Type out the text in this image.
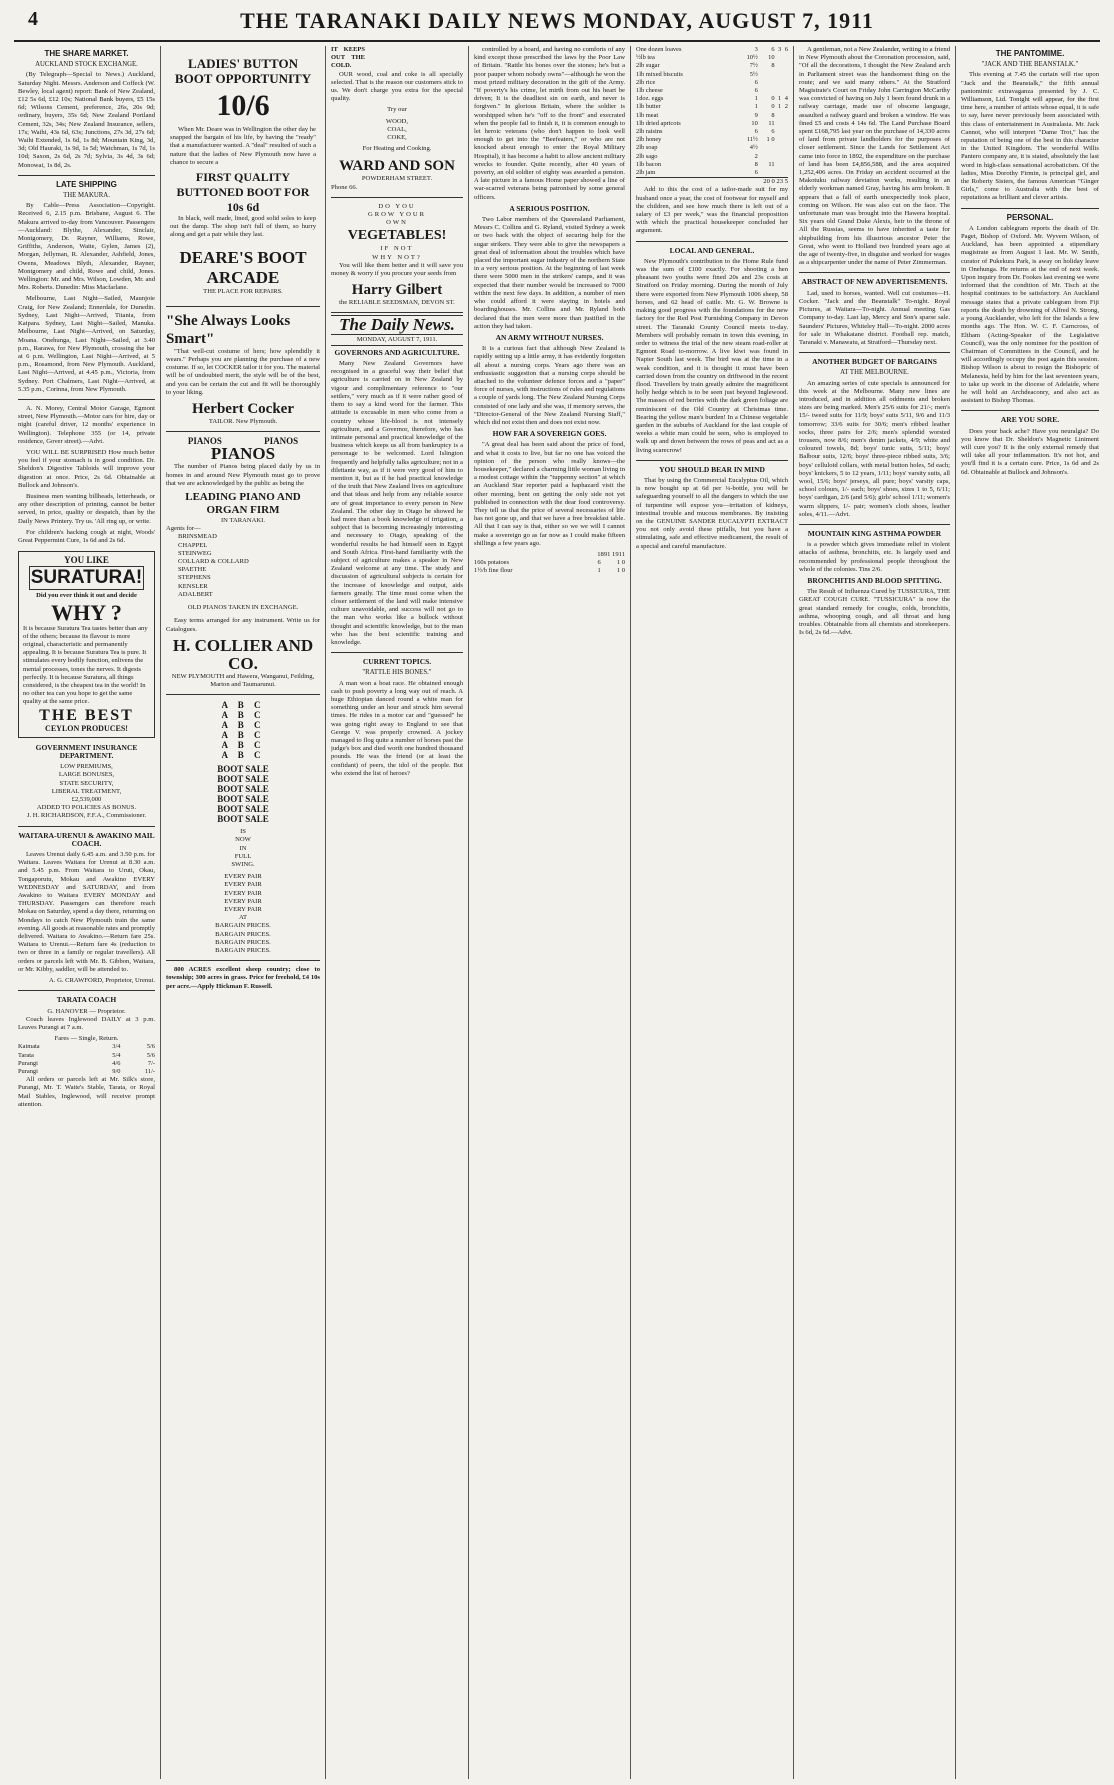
4	THE TARANAKI DAILY NEWS MONDAY, AUGUST 7, 1911
THE SHARE MARKET.
AUCKLAND STOCK EXCHANGE.

(By Telegraph—Special to News.) Auckland, Saturday Night. Messrs. Anderson and Coffeck (W. Bewley, local agent) report: Bank of New Zealand, £12 5s 6d, £12 10s; National Bank buyers, £5 15s 6d; Wilsons Cement, preference, 26s, 20s 9d; ordinary, buyers, 35s 6d; New Zealand Portland Cement, 32s, 34s; New Zealand Insurance, sellers, 17s; Waihi, 43s 6d, 63s; Junctions, 27s 3d, 27s 6d; Waihi Extended, 1s 6d, 1s 8d; Mountain King, 3d, 3d; Old Hauraki, 1s 9d, 1s 5d; Watchman, 1s 7d, 1s 10d; Saxon, 2s 6d, 2s 7d; Sylvia, 3s 4d, 3s 6d; Monowai, 1s 8d, 2s.

LATE SHIPPING
THE MAKURA.

By Cable—Press Association—Copyright. Received 6, 2.15 p.m. Brisbane, August 6. The Makura arrived to-day from Vancouver. Passengers—Auckland: Blythe, Alexander, Sinclair, Montgomery, Dr. Rayner, Williams, Rowe, Griffiths, Anderson, Waite, Gylen, James (2), Morgan, Jellyman, R. Alexander, Ashfield, Jones, Owens, Meadows Blyth, Alexander, Rayner, Montgomery and child, Rowe and child, Jones. Wellington: Mr. and Mrs. Wilson, Lowden, Mr. and Mrs. Roberts. Dunedin: Miss Macfarlane.

Melbourne, Last Night—Sailed, Maunjoie Craig, for New Zealand; Ennerdale, for Dunedin. Sydney, Last Night—Arrived, Titania, from Kaipara. Sydney, Last Night—Sailed, Manuka. Melbourne, Last Night—Arrived, on Saturday, Moana. Onehunga, Last Night—Sailed, at 3.40 p.m., Rarawa, for New Plymouth, crossing the bar at 6 p.m. Wellington, Last Night—Arrived, at 5 p.m., Rosamond, from New Plymouth. Auckland, Last Night—Arrived, at 4.45 p.m., Victoria, from Sydney. Port Chalmers, Last Night—Arrived, at 5.35 p.m., Corinna, from New Plymouth.

A. N. Morey, Central Motor Garage, Egmont street, New Plymouth.—Motor cars for hire, day or night (careful driver, 12 months' experience in Wellington). Telephone 355 (or 14, private residence, Gover street).—Advt.

YOU WILL BE SURPRISED How much better you feel if your stomach is in good condition. Dr. Sheldon's Digestive Tabloids will improve your digestion at once. Price, 2s 6d. Obtainable at Bullock and Johnson's.

Business men wanting billheads, letterheads, or any other description of printing, cannot be better served, in price, quality or despatch, than by the Daily News Printery. Try us. 'All ring up, or write.

For children's hacking cough at night, Woods' Great Peppermint Cure, 1s 6d and 2s 6d.

YOU LIKE
SURATURA!
Did you ever think it out and decide
WHY ?
It is because Suratura Tea tastes better than any of the others; because its flavour is more original, characteristic and permanently appealing. It is because Suratura Tea is pure. It stimulates every bodily function, enlivens the mental processes, tones the nerves. It digests perfectly. It is because Suratura, all things considered, is the cheapest tea in the world! In no other tea can you hope to get the same quality at the same price.
THE BEST
CEYLON PRODUCES!
GOVERNMENT INSURANCE DEPARTMENT.
LOW PREMIUMS,
LARGE BONUSES,
STATE SECURITY,
LIBERAL TREATMENT,
£2,539,000
ADDED TO POLICIES AS BONUS.
J. H. RICHARDSON, F.F.A., Commissioner.
WAITARA-URENUI & AWAKINO MAIL COACH.

Leaves Urenui daily 6.45 a.m. and 3.50 p.m. for Waitara. Leaves Waitara for Urenui at 8.30 a.m. and 5.45 p.m. From Waitara to Uruti, Okau, Tongaporutu, Mokau and Awakino EVERY WEDNESDAY and SATURDAY, and from Awakino to Waitara EVERY MONDAY and THURSDAY. Passengers can therefore reach Mokau on Saturday, spend a day there, returning on Mondays to catch New Plymouth train the same evening. All goods at reasonable rates and promptly delivered. Waitara to Awakino.—Return fare 25s. Waitara to Urenui.—Return fare 4s (reduction to two or three in a family or regular travellers). All orders or parcels left with Mr. B. Gibbon, Waitara, or Mr. Kibby, saddler, will be attended to.

A. G. CRAWFORD, Proprietor, Urenui.
TARATA COACH
G. HANOVER — Proprietor.

Coach leaves Inglewood DAILY at 3 p.m. Leaves Purangi at 7 a.m.

Fares — Single, Return.
Kaimata	3/4	5/6
Tarata	5/4	5/6
Purangi	4/6	7/-
Purangi	9/0	11/-

All orders or parcels left at Mr. Silk's store, Purangi, Mr. T. Waite's Stable, Tarata, or Royal Mail Stables, Inglewood, will receive prompt attention.

LADIES' BUTTON BOOT OPPORTUNITY
10/6

When Mr. Deare was in Wellington the other day he snapped the bargain of his life, by having the "ready" that a manufacturer wanted. A "deal" resulted of such a nature that the ladies of New Plymouth now have a chance to secure a

FIRST QUALITY BUTTONED BOOT FOR 10s 6d

In black, well made, lined, good solid soles to keep out the damp. The shop isn't full of them, so hurry along and get a pair while they last.

DEARE'S BOOT ARCADE
THE PLACE FOR REPAIRS.
"She Always Looks Smart"

"That well-cut costume of hers; how splendidly it wears." Perhaps you are planning the purchase of a new costume. If so, let COCKER tailor it for you. The material will be of undoubted merit, the style will be of the best, and you can be certain the cut and fit will be thoroughly to your liking.

Herbert Cocker
TAILOR. New Plymouth.
PIANOS PIANOS
PIANOS

The number of Pianos being placed daily by us in homes in and around New Plymouth must go to prove that we are acknowledged by the public as being the

LEADING PIANO AND ORGAN FIRM
IN TARANAKI.
Agents for—
BRINSMEAD
CHAPPEL
STEINWEG
COLLARD & COLLARD
SPAETHE
STEPHENS
KENSLER
ADALBERT
OLD PIANOS TAKEN IN EXCHANGE.

Easy terms arranged for any instrument. Write us for Catalogues.

H. COLLIER AND CO.
NEW PLYMOUTH and Hawera, Wanganui, Feilding, Marton and Taumarunui.
A B C
A B C
A B C
A B C
A B C
A B C
BOOT SALE
BOOT SALE
BOOT SALE
BOOT SALE
BOOT SALE
BOOT SALE
IS
NOW
IN
FULL
SWING.
EVERY PAIR
EVERY PAIR
EVERY PAIR
EVERY PAIR
EVERY PAIR
AT
BARGAIN PRICES.
BARGAIN PRICES.
BARGAIN PRICES.
BARGAIN PRICES.

800 ACRES excellent sheep country; close to township; 300 acres in grass. Price for freehold, £4 10s per acre.—Apply Hickman F. Russell.

IT KEEPS OUT THE COLD.

OUR wood, coal and coke is all specially selected. That is the reason our customers stick to us. We don't charge you extra for the special quality.

Try our
WOOD,
COAL,
COKE,
For Heating and Cooking.
WARD AND SON
POWDERHAM STREET.
Phone 66.
DO YOU
GROW YOUR
OWN
VEGETABLES!
IF NOT
WHY NOT?

You will like them better and it will save you money & worry if you procure your seeds from

Harry Gilbert
the RELIABLE SEEDSMAN, DEVON ST.
The Daily News.
MONDAY, AUGUST 7, 1911.
GOVERNORS AND AGRICULTURE.

Many New Zealand Governors have recognised in a graceful way their belief that agriculture is carried on in New Zealand by vigour and complimentary reference to "our settlers," very much as if it were rather good of them to say a kind word for the farmer. This attitude is excusable in men who come from a country whose life-blood is not intensely agriculture, and a Governor, therefore, who has intimate personal and practical knowledge of the business which keeps us all from bankruptcy is a personage to be welcomed. Lord Islington frequently and helpfully talks agriculture; not in a dilettante way, as if it were very good of him to mention it, but as if he had practical knowledge of the truth that New Zealand lives on agriculture and that ideas and help from any reliable source are of great importance to every person in New Zealand. The other day in Otago he showed he had more than a book knowledge of irrigation, a subject that is becoming increasingly interesting and necessary to Otago, speaking of the wonderful results he had himself seen in Egypt and South Africa. First-hand familiarity with the subject of agriculture makes a speaker in New Zealand welcome at any time. The study and discussion of agricultural subjects is certain for the increase of knowledge and output, aids farmers greatly. The time must come when the closer settlement of the land will make intensive culture unavoidable, and success will not go to the man who works like a bullock without thought and scientific knowledge, but to the man who has the best scientific training and knowledge.

CURRENT TOPICS.
"RATTLE HIS BONES."

A man won a boat race. He obtained enough cash to push poverty a long way out of reach. A huge Ethiopian danced round a white man for something under an hour and struck him several times. He rides in a motor car and "guessed" he was going right away to England to see that George V. was properly crowned. A jockey managed to flog quite a number of horses past the judge's box and died worth one hundred thousand pounds. He was the friend (or at least the confidant) of peers, the idol of the people. But who extend the list of heroes?

controlled by a board, and having no comforts of any kind except those prescribed the laws by the Poor Law of Britain. "Rattle his bones over the stones; he's but a poor pauper whom nobody owns"—although he won the most prized military decoration in the gift of the Army. "If poverty's his crime, let mirth from out his heart be driven; It is the deadliest sin on earth, and never is forgiven." In glorious Britain, where the soldier is worshipped when he's "off to the front" and execrated when the people fail to finish it, it is common enough to let heroic veterans (who don't happen to look well enough to get into the "Beefeaters," or who are not knocked about enough to enter the Royal Military Hospital), it has become a habit to allow ancient military wrecks to founder. Quite recently, after 40 years of poverty, an old soldier of eighty was awarded a pension. A late picture in a famous Home paper showed a line of war-scarred veterans being patronised by some general officers.

A SERIOUS POSITION.

Two Labor members of the Queensland Parliament, Messrs C. Collins and G. Ryland, visited Sydney a week or two back with the object of securing help for the sugar strikers. They were able to give the newspapers a great deal of information about the troubles which have placed the important sugar industry of the northern State in a very serious position. At the beginning of last week there were 5000 men in the strikers' camps, and it was expected that their number would be increased to 7000 within the next few days. In addition, a number of men who could afford it were staying in hotels and boardinghouses. Mr. Collins and Mr. Ryland both declared that the men were more than justified in the action they had taken.

AN ARMY WITHOUT NURSES.

It is a curious fact that although New Zealand is rapidly setting up a little army, it has evidently forgotten all about a nursing corps. Years ago there was an enthusiastic suggestion that a nursing corps should be attached to the volunteer defence forces and a "paper" force of nurses, with instructions of rules and regulations a couple of yards long. The New Zealand Nursing Corps consisted of one lady and she was, if memory serves, the "Director-General of the New Zealand Nursing Staff," which did not exist then and does not exist now.

HOW FAR A SOVEREIGN GOES.

"A great deal has been said about the price of food, and what it costs to live, but far no one has voiced the opinion of the person who really knows—the housekeeper," declared a charming little woman living in a modest cottage within the "tuppenny section" at which an Auckland Star reporter paid a haphazard visit the other morning, bent on getting the only side not yet published in connection with the dear food controversy. They tell us that the price of several necessaries of life has not gone up, and that we have a free breakfast table. All that I can say is that, either so we we will I cannot make a sovereign go as far now as I could make fifteen shillings a few years ago.

1891 1911
160s potatoes	6	1 0
1½/b fine flour	1	1 0
One dozen loaves	3	6	3	6
½lb tea	10½	10		
2lb sugar	7½	8		
1lb mixed biscuits	5½			
2lb rice	6			
1lb cheese	6			
1doz. eggs	1	0	1	4
1lb butter	1	0	1	2
1lb meat	9	8		
1lb dried apricots	10	11		
2lb raisins	6	6		
2lb honey	11½	1 0		
2lb soap	4½			
2lb sago	2			
1lb bacon	8	11		
2lb jam	6			
20 0 23 5

Add to this the cost of a tailor-made suit for my husband once a year, the cost of footwear for myself and the children, and see how much there is left out of a salary of £3 per week," was the financial proposition with which the practical housekeeper concluded her argument.

LOCAL AND GENERAL.

New Plymouth's contribution to the Home Rule fund was the sum of £100 exactly. For shooting a hen pheasant two youths were fined 20s and 23s costs at Stratford on Friday morning. During the month of July there were exported from New Plymouth 1006 sheep, 58 horses, and 62 head of cattle. Mr. G. W. Browne is making good progress with the foundations for the new factory for the Red Post Furnishing Company in Devon street. The Taranaki County Council meets to-day. Members will probably remain in town this evening, in order to witness the trial of the new steam road-roller at Egmont Road to-morrow. A live kiwi was found in Napier South last week. The bird was at the time in a weak condition, and it is thought it must have been carried down from the country on driftwood in the recent flood. Travellers by train greatly admire the magnificent holly hedge which is to be seen just beyond Inglewood. The masses of red berries with the dark green foliage are reminiscent of the Old Country at Christmas time. Bearing the yellow man's burden! In a Chinese vegetable garden in the suburbs of Auckland for the last couple of weeks a white man could be seen, who is employed to walk up and down between the rows of peas and act as a living scarecrow!

YOU SHOULD BEAR IN MIND

That by using the Commercial Eucalyptus Oil, which is now bought up at 6d per ¼-bottle, you will be safeguarding yourself to all the dangers to which the use of turpentine will expose you—irritation of kidneys, intestinal trouble and mucous membranes. By insisting on the GENUINE SANDER EUCALYPTI EXTRACT you not only avoid these pitfalls, but you have a stimulating, safe and effective medicament, the result of a special and careful manufacture.

A gentleman, not a New Zealander, writing to a friend in New Plymouth about the Coronation procession, said, "Of all the decorations, I thought the New Zealand arch in Parliament street was the handsomest thing on the route; and we said many others." At the Stratford Magistrate's Court on Friday John Carrington McCarthy was convicted of having on July 1 been found drunk in a railway carriage, made use of obscene language, assaulted a railway guard and broken a window. He was fined £5 and costs 4 14s 6d. The Land Purchase Board spent £168,795 last year on the purchase of 14,330 acres of land from private landholders for the purposes of closer settlement. Since the Lands for Settlement Act came into force in 1892, the expenditure on the purchase of land has been £4,856,588, and the area acquired 1,252,406 acres. On Friday an accident occurred at the Makotuku railway deviation works, resulting in an elderly workman named Gray, having his arm broken. It appears that a fall of earth unexpectedly took place, coming on Wilson. He was also cut on the face. The unfortunate man was brought into the Hawera hospital. Six years old Grand Duke Alexis, heir to the throne of All the Russias, seems to have inherited a taste for shipbuilding from his illustrious ancestor Peter the Great, who went to Holland two hundred years ago at the age of twenty-five, in disguise and worked for wages as a shipcarpenter under the name of Peter Zimmerman.

ABSTRACT OF NEW ADVERTISEMENTS.

Lad, used to horses, wanted. Well cut costumes—H. Cocker. "Jack and the Beanstalk" To-night. Royal Pictures, at Waitara—To-night. Annual meeting Gas Company to-day. Last lap, Mercy and Son's sparse sale. Saunders' Pictures, Whiteley Hall—To-night. 2000 acres for sale in Whakatane district. Football rep. match, Taranaki v. Manawatu, at Stratford—Thursday next.

ANOTHER BUDGET OF BARGAINS
AT THE MELBOURNE.

An amazing series of cute specials is announced for this week at the Melbourne. Many new lines are introduced, and in addition all oddments and broken sizes are being marked. Men's 25/6 suits for 21/-; men's 15/- tweed suits for 11/9; boys' suits 5/11, 9/6 and 11/3 tomorrow; 33/6 suits for 30/6; men's ribbed leather socks, three pairs for 2/6; men's splendid worsted trousers, now 8/6; men's denim jackets, 4/9; white and coloured towels, 8d; boys' tunic suits, 5/11; boys' Balbour suits, 12/6; boys' three-piece ribbed suits, 3/6; boys' celluloid collars, with metal button holes, 5d each; boys' knickers, 5 to 12 years, 1/11; boys' varsity suits, all wool, 15/6; boys' jerseys, all pure; boys' varsity caps, school colours, 1/- each; boys' shoes, sizes 1 to 5, 6/11; boys' cardigan, 2/6 (and 5/6); girls' school 1/11; women's warm slippers, 1/- pair; women's cloth shoes, leather soles, 4/11.—Advt.

MOUNTAIN KING ASTHMA POWDER

is a powder which gives immediate relief in violent attacks of asthma, bronchitis, etc. Is largely used and recommended by professional people throughout the whole of the colonies. Tins 2/6.

BRONCHITIS AND BLOOD SPITTING.

The Result of Influenza Cured by TUSSICURA, THE GREAT COUGH CURE. "TUSSICURA" is now the great standard remedy for coughs, colds, bronchitis, asthma, whooping cough, and all throat and lung troubles. Obtainable from all chemists and storekeepers. Is 6d, 2s 6d.—Advt.

THE PANTOMIME.
"JACK AND THE BEANSTALK."

This evening at 7.45 the curtain will rise upon "Jack and the Beanstalk," the fifth annual pantomimic extravaganza presented by J. C. Williamson, Ltd. Tonight will appear, for the first time here, a number of artists whose equal, it is safe to say, have never previously been associated with this class of entertainment in Australasia. Mr. Jack Cannot, who will interpret "Dame Trot," has the reputation of being one of the best in this character in the United Kingdom. The wonderful Willis Pantero company are, it is stated, absolutely the last word in high-class sensational acrobaticism. Of the ladies, Miss Dorothy Firmin, is principal girl, and the Roberty Sisters, the famous American "Ginger Girls," come to Australia with the best of reputations as brilliant and clever artists.

PERSONAL.

A London cablegram reports the death of Dr. Paget, Bishop of Oxford. Mr. Wyvern Wilson, of Auckland, has been appointed a stipendiary magistrate as from August 1 last. Mr. W. Smith, curator of Pukekura Park, is away on holiday leave in Onehunga. He returns at the end of next week. Upon inquiry from Dr. Fookes last evening we were informed that the condition of Mr. Tisch at the hospital continues to be satisfactory. An Auckland message states that a private cablegram from Fiji reports the death by drowning of Alfred N. Strong, a young Aucklander, who left for the Islands a few months ago. The Hon. W. C. F. Carncross, of Eltham (Acting-Speaker of the Legislative Council), was the only nominee for the position of Chairman of Committees in the Council, and he will accordingly occupy the post again this session. Bishop Wilson is about to resign the Bishopric of Melanesia, held by him for the last seventeen years, to take up work in the diocese of Adelaide, where he will hold an Archdeaconry, and also act as assistant to Bishop Thomas.

ARE YOU SORE.

Does your back ache? Have you neuralgia? Do you know that Dr. Sheldon's Magnetic Liniment will cure you? It is the only external remedy that will take all your inflammation. It's not hot, and you'll find it is a certain cure. Price, 1s 6d and 2s 6d. Obtainable at Bullock and Johnson's.
